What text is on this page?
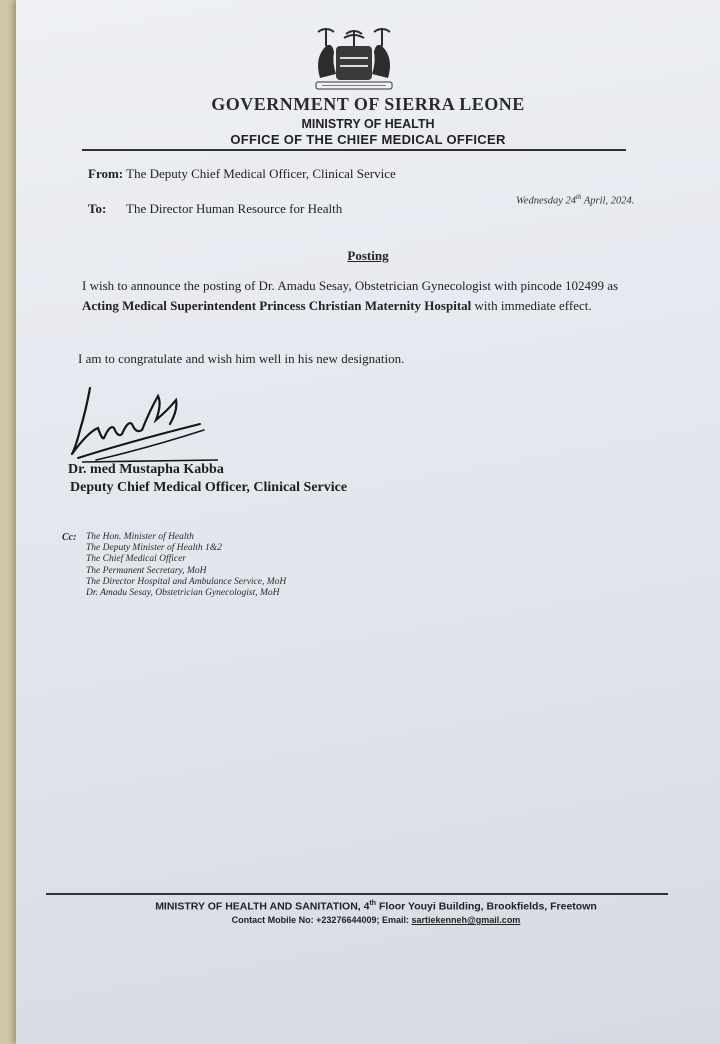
GOVERNMENT OF SIERRA LEONE
MINISTRY OF HEALTH
OFFICE OF THE CHIEF MEDICAL OFFICER
From: The Deputy Chief Medical Officer, Clinical Service
To: The Director Human Resource for Health	Wednesday 24th April, 2024.
Posting

I wish to announce the posting of Dr. Amadu Sesay, Obstetrician Gynecologist with pincode 102499 as Acting Medical Superintendent Princess Christian Maternity Hospital with immediate effect.

I am to congratulate and wish him well in his new designation.

Dr. med Mustapha Kabba
Deputy Chief Medical Officer, Clinical Service
Cc: The Hon. Minister of Health
The Deputy Minister of Health 1&2
The Chief Medical Officer
The Permanent Secretary, MoH
The Director Hospital and Ambulance Service, MoH
Dr. Amadu Sesay, Obstetrician Gynecologist, MoH
MINISTRY OF HEALTH AND SANITATION, 4th Floor Youyi Building, Brookfields, Freetown
Contact Mobile No: +23276644009; Email: sartiekenneh@gmail.com
